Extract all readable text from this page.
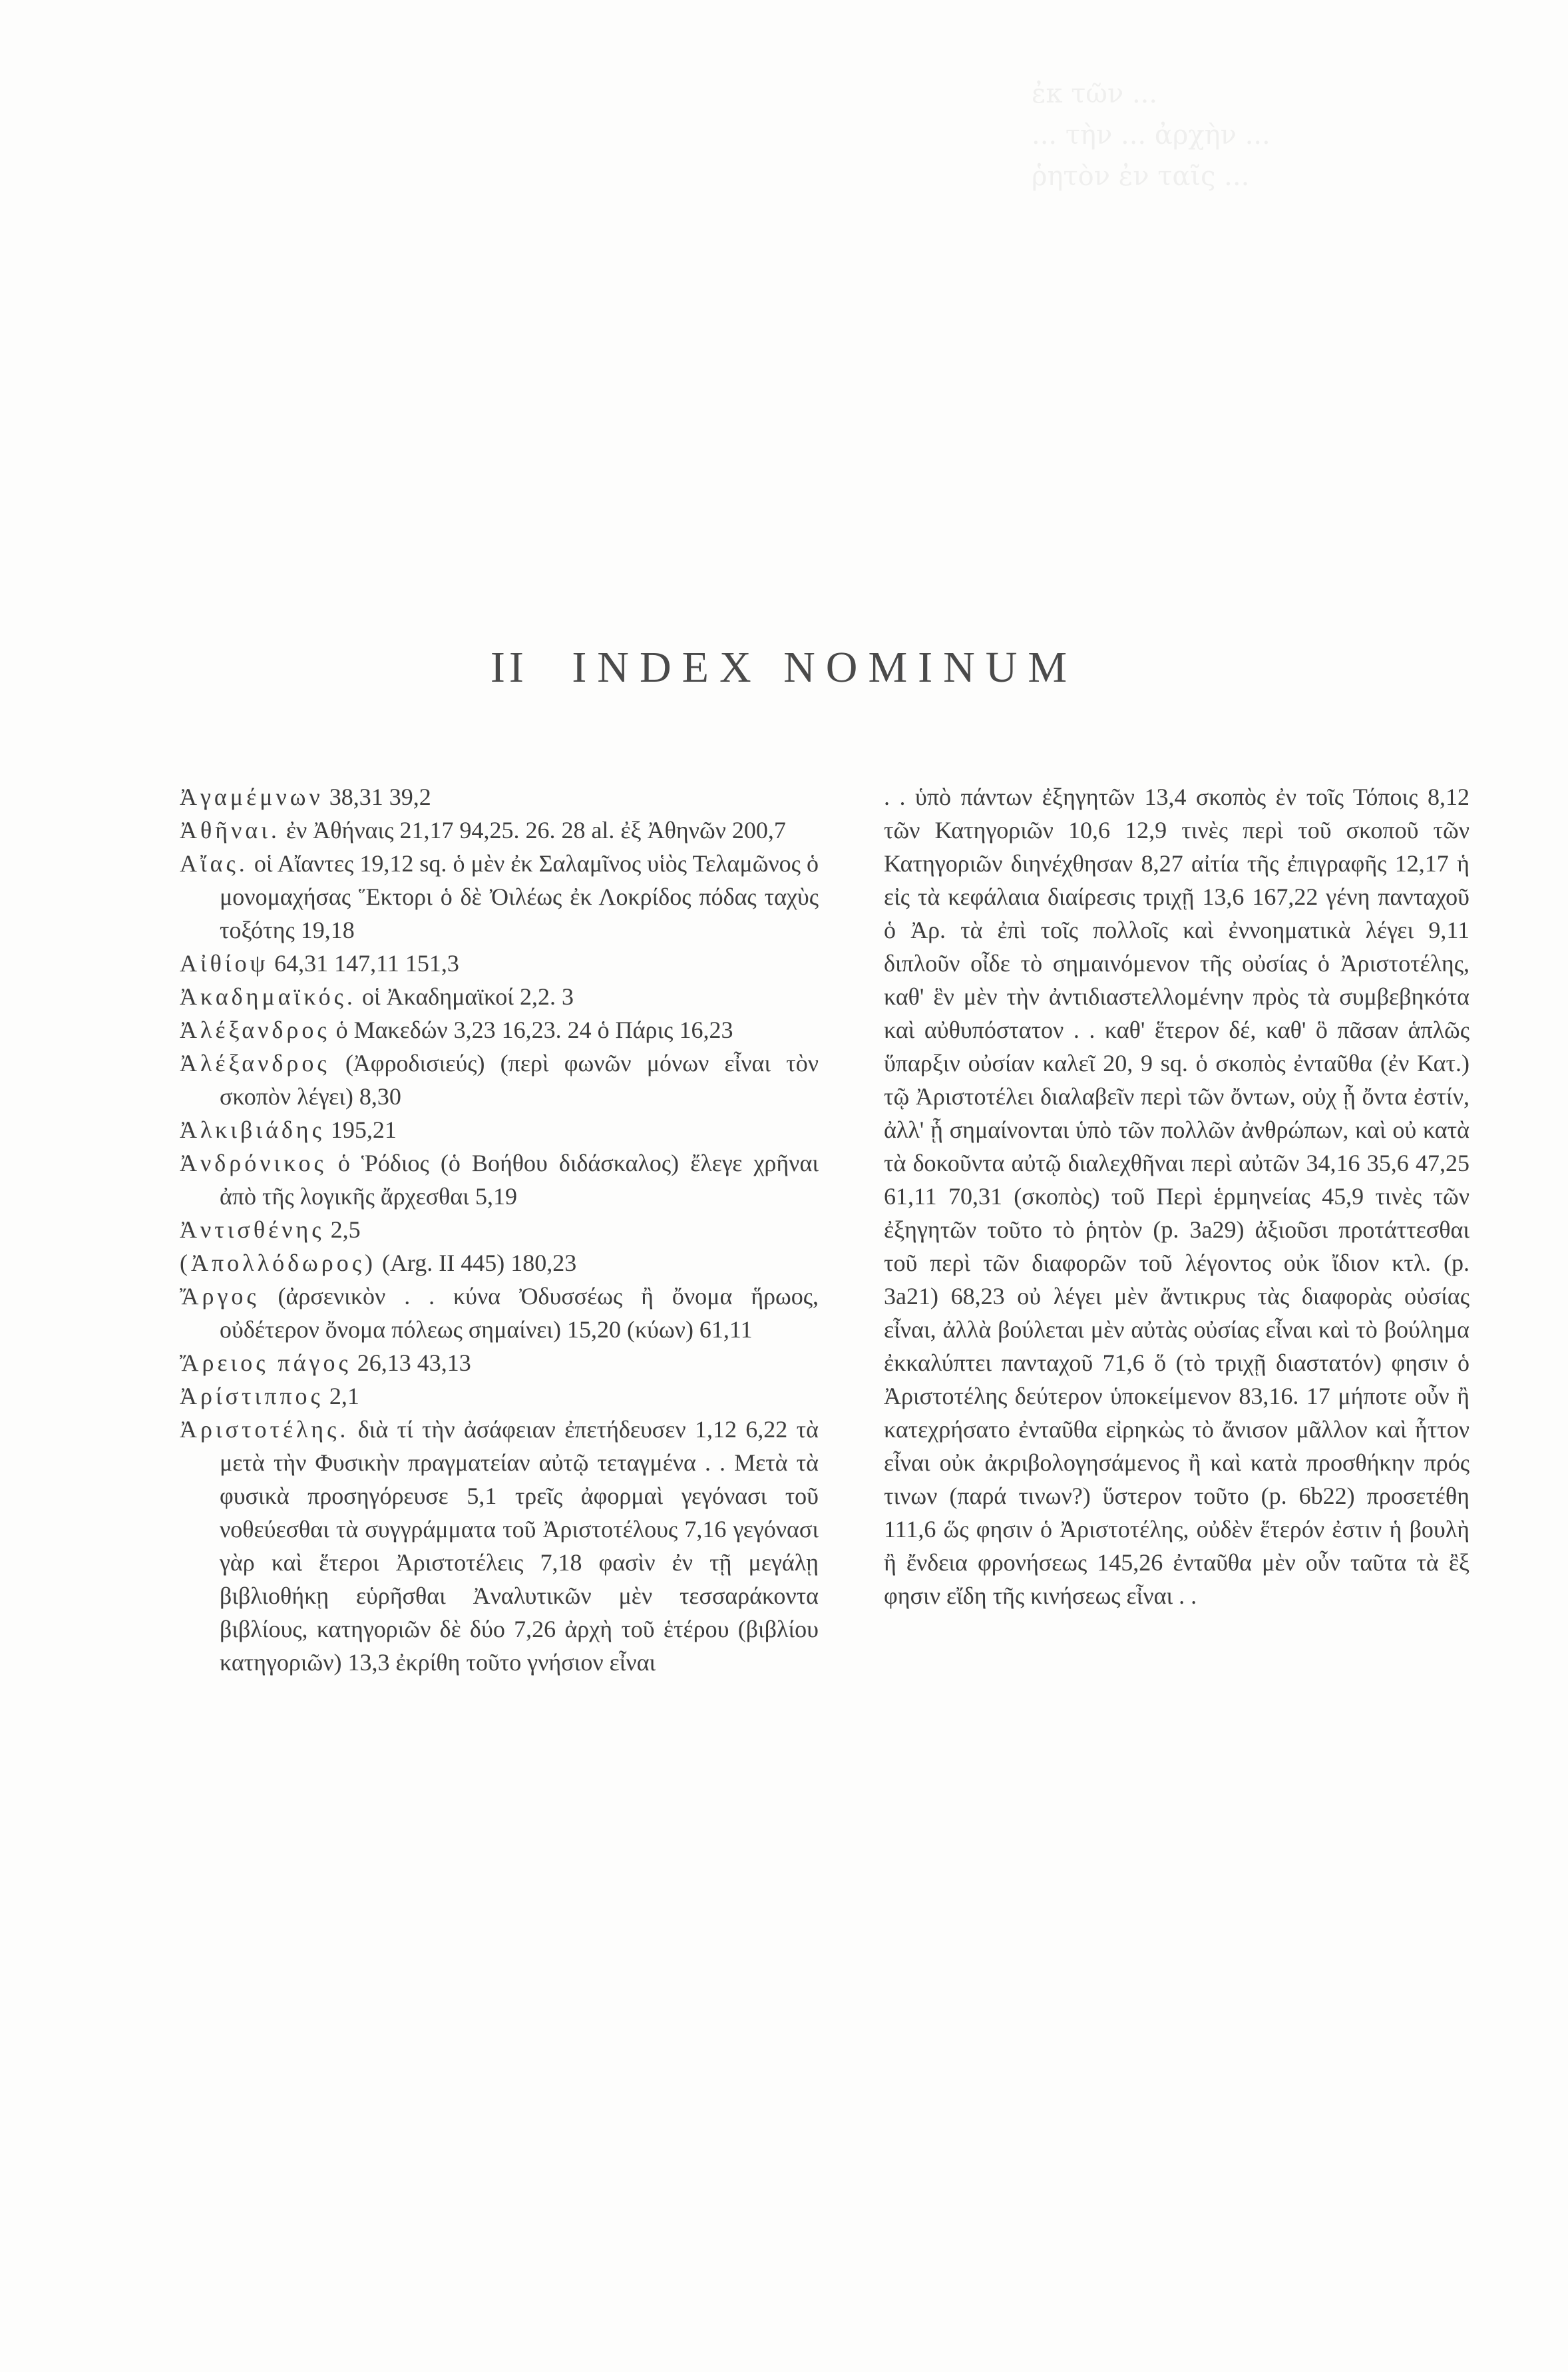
ἐκ τῶν ...
... τὴν ... ἀρχὴν ...
ῥητὸν ἐν ταῖς ...
II INDEX NOMINUM

Ἀγαμέμνων 38,31 39,2

Ἀθῆναι. ἐν Ἀθήναις 21,17 94,25. 26. 28 al. ἐξ Ἀθηνῶν 200,7

Αἴας. οἱ Αἴαντες 19,12 sq. ὁ μὲν ἐκ Σαλαμῖνος υἱὸς Τελαμῶνος ὁ μονομαχήσας Ἕκτορι ὁ δὲ Ὀιλέως ἐκ Λοκρίδος πόδας ταχὺς τοξότης 19,18

Αἰθίοψ 64,31 147,11 151,3

Ἀκαδημαϊκός. οἱ Ἀκαδημαϊκοί 2,2. 3

Ἀλέξανδρος ὁ Μακεδών 3,23 16,23. 24 ὁ Πάρις 16,23

Ἀλέξανδρος (Ἀφροδισιεύς) (περὶ φωνῶν μόνων εἶναι τὸν σκοπὸν λέγει) 8,30

Ἀλκιβιάδης 195,21

Ἀνδρόνικος ὁ Ῥόδιος (ὁ Βοήθου διδάσκαλος) ἔλεγε χρῆναι ἀπὸ τῆς λογικῆς ἄρχεσθαι 5,19

Ἀντισθένης 2,5

(Ἀπολλόδωρος) (Arg. II 445) 180,23

Ἄργος (ἀρσενικὸν . . κύνα Ὀδυσσέως ἢ ὄνομα ἥρωος, οὐδέτερον ὄνομα πόλεως σημαίνει) 15,20 (κύων) 61,11

Ἄρειος πάγος 26,13 43,13

Ἀρίστιππος 2,1

Ἀριστοτέλης. διὰ τί τὴν ἀσάφειαν ἐπετήδευσεν 1,12 6,22 τὰ μετὰ τὴν Φυσικὴν πραγματείαν αὐτῷ τεταγμένα . . Μετὰ τὰ φυσικὰ προσηγόρευσε 5,1 τρεῖς ἀφορμαὶ γεγόνασι τοῦ νοθεύεσθαι τὰ συγγράμματα τοῦ Ἀριστοτέλους 7,16 γεγόνασι γὰρ καὶ ἕτεροι Ἀριστοτέλεις 7,18 φασὶν ἐν τῇ μεγάλῃ βιβλιοθήκῃ εὑρῆσθαι Ἀναλυτικῶν μὲν τεσσαράκοντα βιβλίους, κατηγοριῶν δὲ δύο 7,26 ἀρχὴ τοῦ ἑτέρου (βιβλίου κατηγοριῶν) 13,3 ἐκρίθη τοῦτο γνήσιον εἶναι

. . ὑπὸ πάντων ἐξηγητῶν 13,4 σκοπὸς ἐν τοῖς Τόποις 8,12 τῶν Κατηγοριῶν 10,6 12,9 τινὲς περὶ τοῦ σκοποῦ τῶν Κατηγοριῶν διηνέχθησαν 8,27 αἰτία τῆς ἐπιγραφῆς 12,17 ἡ εἰς τὰ κεφάλαια διαίρεσις τριχῇ 13,6 167,22 γένη πανταχοῦ ὁ Ἀρ. τὰ ἐπὶ τοῖς πολλοῖς καὶ ἐννοηματικὰ λέγει 9,11 διπλοῦν οἶδε τὸ σημαινόμενον τῆς οὐσίας ὁ Ἀριστοτέλης, καθ' ἓν μὲν τὴν ἀντιδιαστελλομένην πρὸς τὰ συμβεβηκότα καὶ αὐθυπόστατον . . καθ' ἕτερον δέ, καθ' ὃ πᾶσαν ἁπλῶς ὕπαρξιν οὐσίαν καλεῖ 20, 9 sq. ὁ σκοπὸς ἐνταῦθα (ἐν Κατ.) τῷ Ἀριστοτέλει διαλαβεῖν περὶ τῶν ὄντων, οὐχ ᾗ ὄντα ἐστίν, ἀλλ' ᾗ σημαίνονται ὑπὸ τῶν πολλῶν ἀνθρώπων, καὶ οὐ κατὰ τὰ δοκοῦντα αὐτῷ διαλεχθῆναι περὶ αὐτῶν 34,16 35,6 47,25 61,11 70,31 (σκοπὸς) τοῦ Περὶ ἑρμηνείας 45,9 τινὲς τῶν ἐξηγητῶν τοῦτο τὸ ῥητὸν (p. 3a29) ἀξιοῦσι προτάττεσθαι τοῦ περὶ τῶν διαφορῶν τοῦ λέγοντος οὐκ ἴδιον κτλ. (p. 3a21) 68,23 οὐ λέγει μὲν ἄντικρυς τὰς διαφορὰς οὐσίας εἶναι, ἀλλὰ βούλεται μὲν αὐτὰς οὐσίας εἶναι καὶ τὸ βούλημα ἐκκαλύπτει πανταχοῦ 71,6 ὅ (τὸ τριχῇ διαστατόν) φησιν ὁ Ἀριστοτέλης δεύτερον ὑποκείμενον 83,16. 17 μήποτε οὖν ἢ κατεχρήσατο ἐνταῦθα εἰρηκὼς τὸ ἄνισον μᾶλλον καὶ ἧττον εἶναι οὐκ ἀκριβολογησάμενος ἢ καὶ κατὰ προσθήκην πρός τινων (παρά τινων?) ὕστερον τοῦτο (p. 6b22) προσετέθη 111,6 ὥς φησιν ὁ Ἀριστοτέλης, οὐδὲν ἕτερόν ἐστιν ἡ βουλὴ ἢ ἔνδεια φρονήσεως 145,26 ἐνταῦθα μὲν οὖν ταῦτα τὰ ἒξ φησιν εἴδη τῆς κινήσεως εἶναι . .
